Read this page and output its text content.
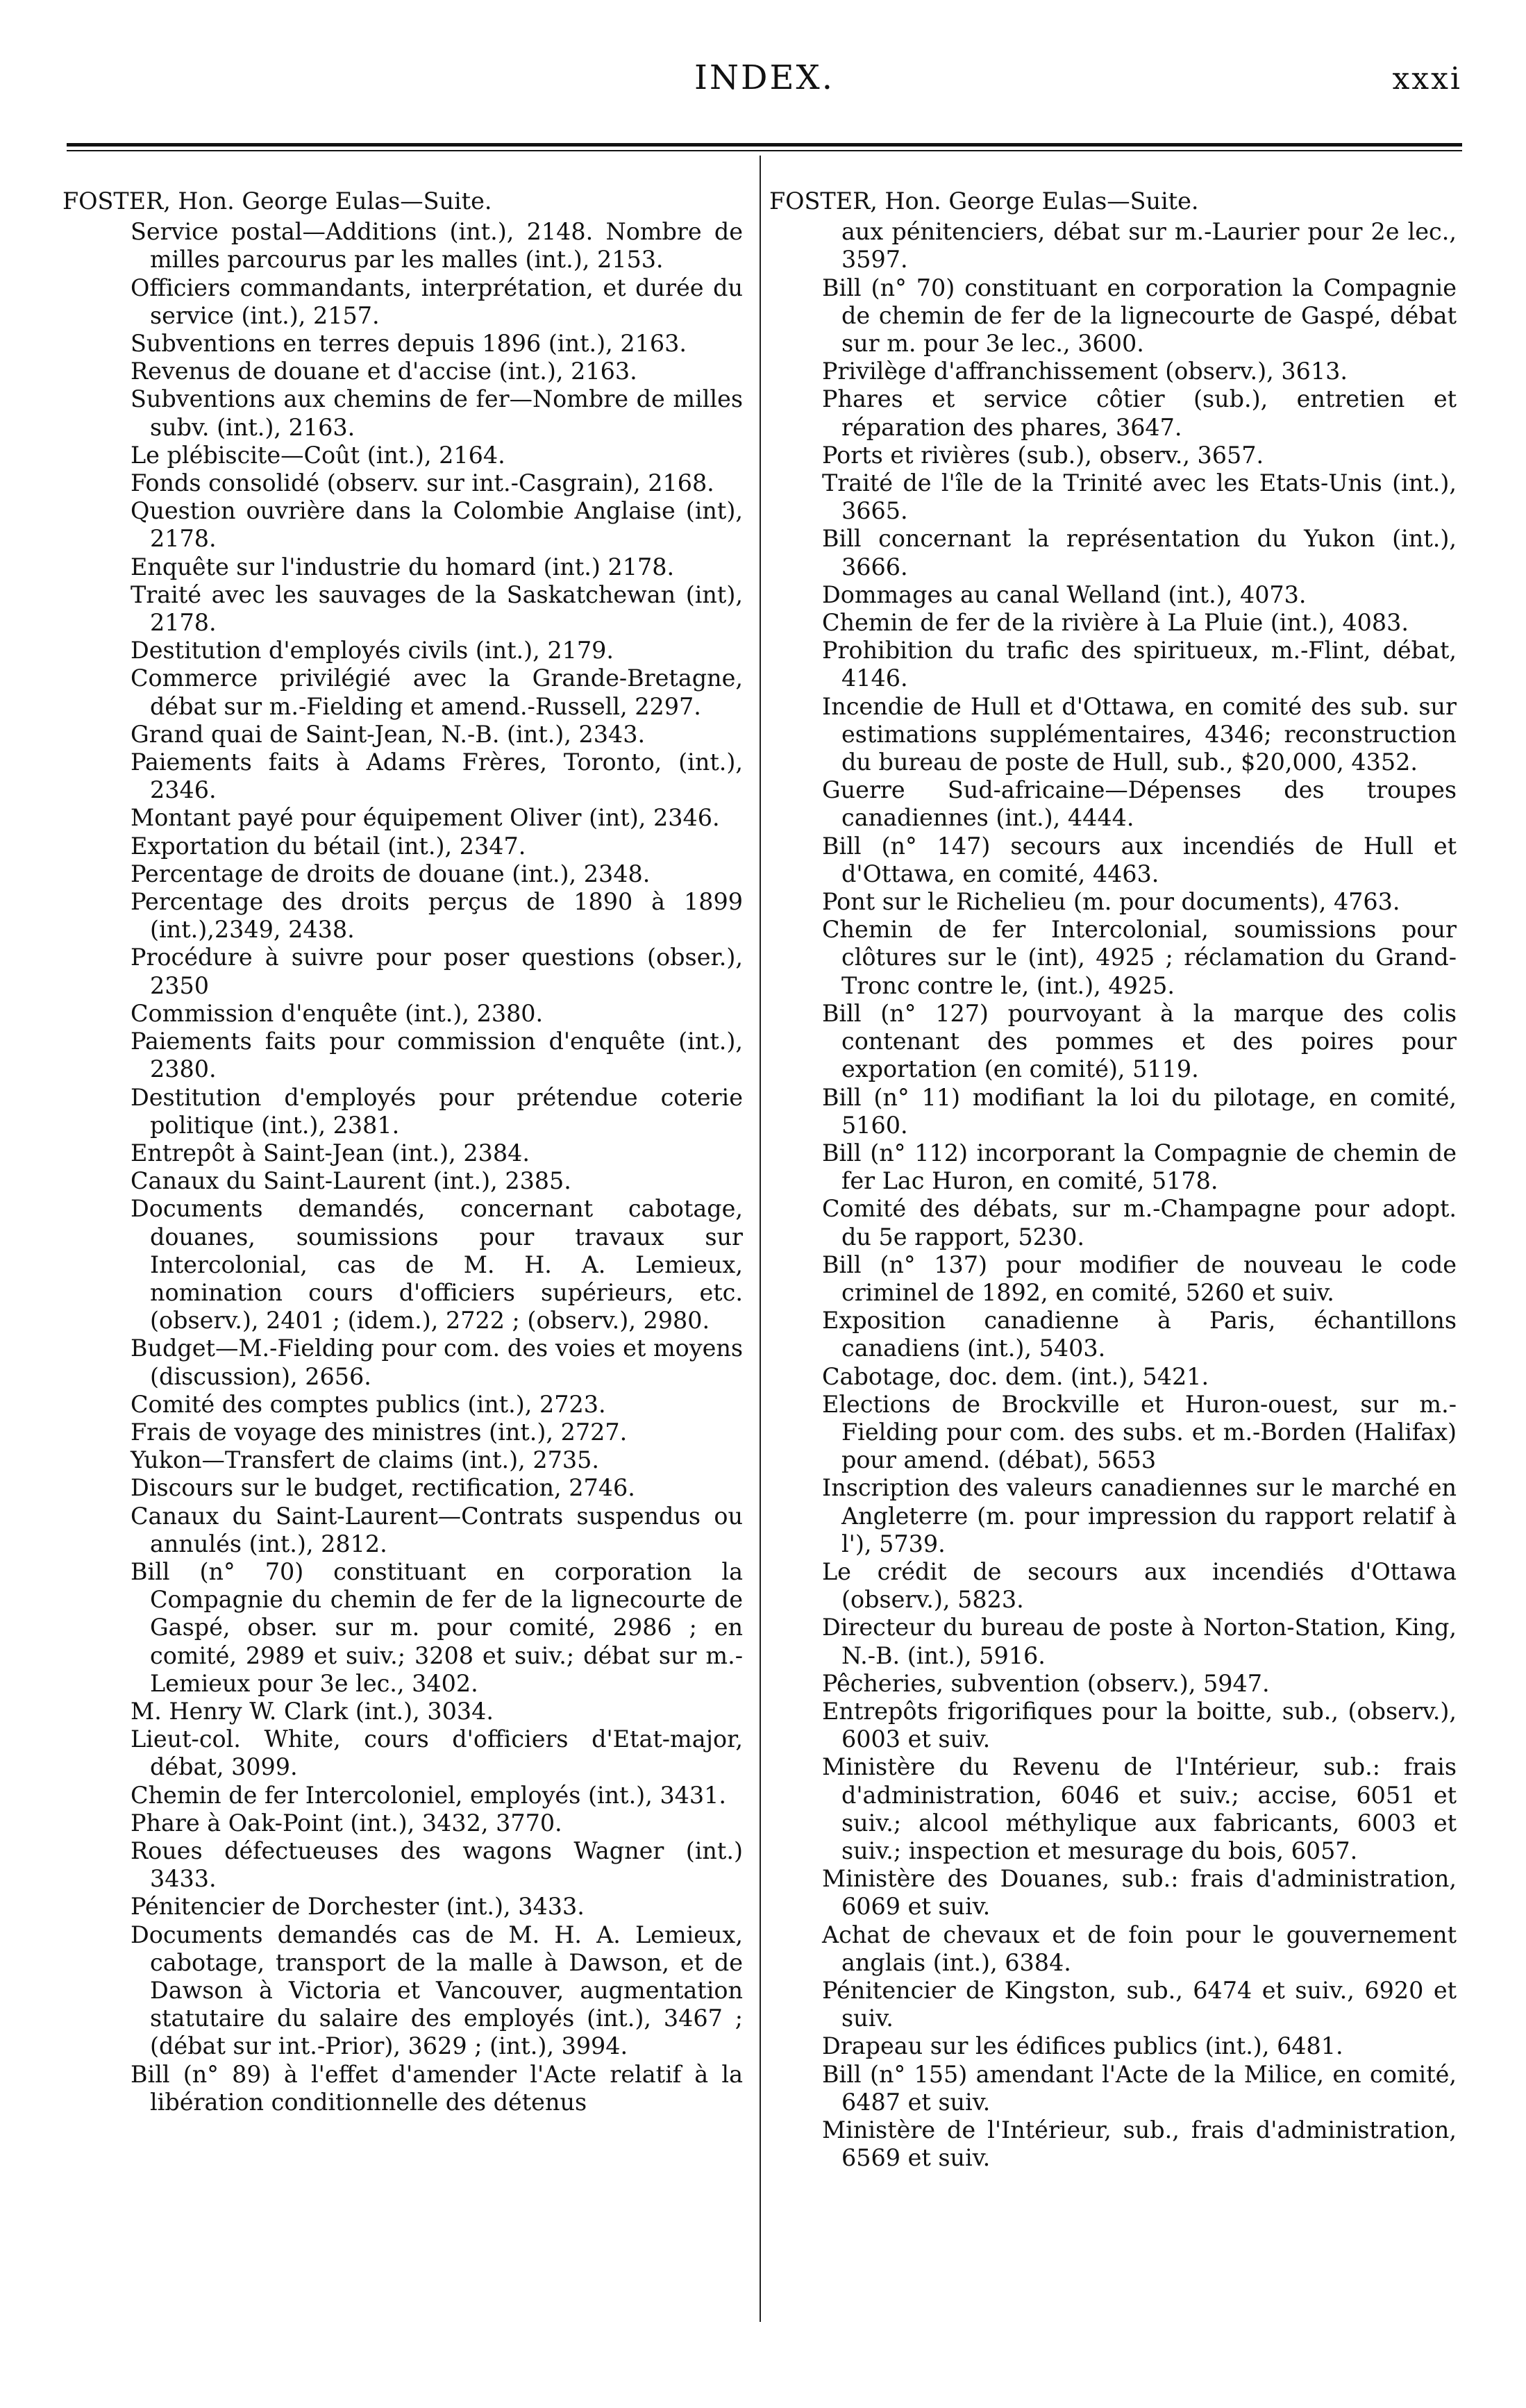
INDEX.	xxxi
FOSTER, Hon. George Eulas—Suite.
Service postal—Additions (int.), 2148. Nombre de milles parcourus par les malles (int.), 2153.
Officiers commandants, interprétation, et durée du service (int.), 2157.
Subventions en terres depuis 1896 (int.), 2163.
Revenus de douane et d'accise (int.), 2163.
Subventions aux chemins de fer—Nombre de milles subv. (int.), 2163.
Le plébiscite—Coût (int.), 2164.
Fonds consolidé (observ. sur int.-Casgrain), 2168.
Question ouvrière dans la Colombie Anglaise (int), 2178.
Enquête sur l'industrie du homard (int.) 2178.
Traité avec les sauvages de la Saskatchewan (int), 2178.
Destitution d'employés civils (int.), 2179.
Commerce privilégié avec la Grande-Bretagne, débat sur m.-Fielding et amend.-Russell, 2297.
Grand quai de Saint-Jean, N.-B. (int.), 2343.
Paiements faits à Adams Frères, Toronto, (int.), 2346.
Montant payé pour équipement Oliver (int), 2346.
Exportation du bétail (int.), 2347.
Percentage de droits de douane (int.), 2348.
Percentage des droits perçus de 1890 à 1899 (int.),2349, 2438.
Procédure à suivre pour poser questions (obser.), 2350
Commission d'enquête (int.), 2380.
Paiements faits pour commission d'enquête (int.), 2380.
Destitution d'employés pour prétendue coterie politique (int.), 2381.
Entrepôt à Saint-Jean (int.), 2384.
Canaux du Saint-Laurent (int.), 2385.
Documents demandés, concernant cabotage, douanes, soumissions pour travaux sur Intercolonial, cas de M. H. A. Lemieux, nomination cours d'officiers supérieurs, etc. (observ.), 2401 ; (idem.), 2722 ; (observ.), 2980.
Budget—M.-Fielding pour com. des voies et moyens (discussion), 2656.
Comité des comptes publics (int.), 2723.
Frais de voyage des ministres (int.), 2727.
Yukon—Transfert de claims (int.), 2735.
Discours sur le budget, rectification, 2746.
Canaux du Saint-Laurent—Contrats suspendus ou annulés (int.), 2812.
Bill (n° 70) constituant en corporation la Compagnie du chemin de fer de la lignecourte de Gaspé, obser. sur m. pour comité, 2986 ; en comité, 2989 et suiv.; 3208 et suiv.; débat sur m.-Lemieux pour 3e lec., 3402.
M. Henry W. Clark (int.), 3034.
Lieut-col. White, cours d'officiers d'Etat-major, débat, 3099.
Chemin de fer Intercoloniel, employés (int.), 3431.
Phare à Oak-Point (int.), 3432, 3770.
Roues défectueuses des wagons Wagner (int.) 3433.
Pénitencier de Dorchester (int.), 3433.
Documents demandés cas de M. H. A. Lemieux, cabotage, transport de la malle à Dawson, et de Dawson à Victoria et Vancouver, augmentation statutaire du salaire des employés (int.), 3467 ; (débat sur int.-Prior), 3629 ; (int.), 3994.
Bill (n° 89) à l'effet d'amender l'Acte relatif à la libération conditionnelle des détenus
FOSTER, Hon. George Eulas—Suite.
aux pénitenciers, débat sur m.-Laurier pour 2e lec., 3597.
Bill (n° 70) constituant en corporation la Compagnie de chemin de fer de la lignecourte de Gaspé, débat sur m. pour 3e lec., 3600.
Privilège d'affranchissement (observ.), 3613.
Phares et service côtier (sub.), entretien et réparation des phares, 3647.
Ports et rivières (sub.), observ., 3657.
Traité de l'île de la Trinité avec les Etats-Unis (int.), 3665.
Bill concernant la représentation du Yukon (int.), 3666.
Dommages au canal Welland (int.), 4073.
Chemin de fer de la rivière à La Pluie (int.), 4083.
Prohibition du trafic des spiritueux, m.-Flint, débat, 4146.
Incendie de Hull et d'Ottawa, en comité des sub. sur estimations supplémentaires, 4346; reconstruction du bureau de poste de Hull, sub., $20,000, 4352.
Guerre Sud-africaine—Dépenses des troupes canadiennes (int.), 4444.
Bill (n° 147) secours aux incendiés de Hull et d'Ottawa, en comité, 4463.
Pont sur le Richelieu (m. pour documents), 4763.
Chemin de fer Intercolonial, soumissions pour clôtures sur le (int), 4925 ; réclamation du Grand-Tronc contre le, (int.), 4925.
Bill (n° 127) pourvoyant à la marque des colis contenant des pommes et des poires pour exportation (en comité), 5119.
Bill (n° 11) modifiant la loi du pilotage, en comité, 5160.
Bill (n° 112) incorporant la Compagnie de chemin de fer Lac Huron, en comité, 5178.
Comité des débats, sur m.-Champagne pour adopt. du 5e rapport, 5230.
Bill (n° 137) pour modifier de nouveau le code criminel de 1892, en comité, 5260 et suiv.
Exposition canadienne à Paris, échantillons canadiens (int.), 5403.
Cabotage, doc. dem. (int.), 5421.
Elections de Brockville et Huron-ouest, sur m.-Fielding pour com. des subs. et m.-Borden (Halifax) pour amend. (débat), 5653
Inscription des valeurs canadiennes sur le marché en Angleterre (m. pour impression du rapport relatif à l'), 5739.
Le crédit de secours aux incendiés d'Ottawa (observ.), 5823.
Directeur du bureau de poste à Norton-Station, King, N.-B. (int.), 5916.
Pêcheries, subvention (observ.), 5947.
Entrepôts frigorifiques pour la boitte, sub., (observ.), 6003 et suiv.
Ministère du Revenu de l'Intérieur, sub.: frais d'administration, 6046 et suiv.; accise, 6051 et suiv.; alcool méthylique aux fabricants, 6003 et suiv.; inspection et mesurage du bois, 6057.
Ministère des Douanes, sub.: frais d'administration, 6069 et suiv.
Achat de chevaux et de foin pour le gouvernement anglais (int.), 6384.
Pénitencier de Kingston, sub., 6474 et suiv., 6920 et suiv.
Drapeau sur les édifices publics (int.), 6481.
Bill (n° 155) amendant l'Acte de la Milice, en comité, 6487 et suiv.
Ministère de l'Intérieur, sub., frais d'administration, 6569 et suiv.
